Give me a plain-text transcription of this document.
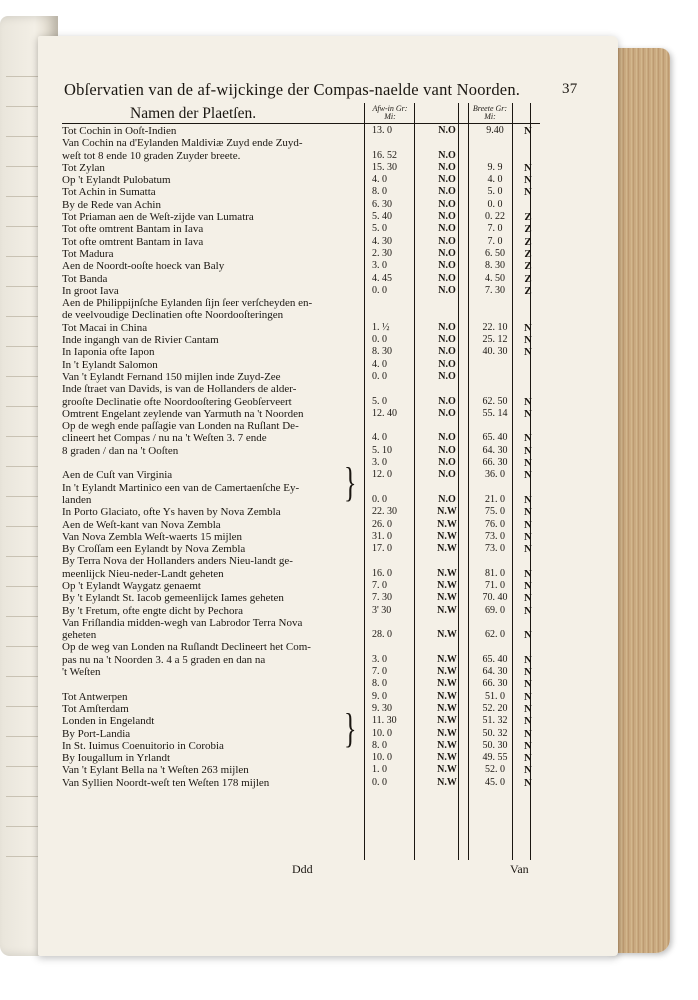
Obſervatien van de af-wijckinge der Compas-naelde vant Noorden.	37
Namen der Plaetſen.	Afw-in Gr: Mi:
Breete Gr: Mi:
Tot Cochin in Ooſt-Indien	13. 0	N.O	9.40	N
Van Cochin na d'Eylanden Maldiviæ Zuyd ende Zuyd-
weſt tot 8 ende 10 graden Zuyder breete.	16. 52	N.O
Tot Zylan	15. 30	N.O	9. 9	N
Op 't Eylandt Pulobatum	4. 0	N.O	4. 0	N
Tot Achin in Sumatta	8. 0	N.O	5. 0	N
By de Rede van Achin	6. 30	N.O	0. 0
Tot Priaman aen de Weſt-zijde van Lumatra	5. 40	N.O	0. 22	Z
Tot ofte omtrent Bantam in Iava	5. 0	N.O	7. 0	Z
Tot ofte omtrent Bantam in Iava	4. 30	N.O	7. 0	Z
Tot Madura	2. 30	N.O	6. 50	Z
Aen de Noordt-ooſte hoeck van Baly	3. 0	N.O	8. 30	Z
Tot Banda	4. 45	N.O	4. 50	Z
In groot Iava	0. 0	N.O	7. 30	Z
Aen de Philippijnſche Eylanden ſijn ſeer verſcheyden en-
de veelvoudige Declinatien ofte Noordooſteringen
Tot Macai in China	1. ½	N.O	22. 10	N
Inde ingangh van de Rivier Cantam	0. 0	N.O	25. 12	N
In Iaponia ofte Iapon	8. 30	N.O	40. 30	N
In 't Eylandt Salomon	4. 0	N.O
Van 't Eylandt Fernand 150 mijlen inde Zuyd-Zee	0. 0	N.O
Inde ſtraet van Davids, is van de Hollanders de alder-
grooſte Declinatie ofte Noordooſtering Geobſerveert	5. 0	N.O	62. 50	N
Omtrent Engelant zeylende van Yarmuth na 't Noorden	12. 40	N.O	55. 14	N
Op de wegh ende paſſagie van Londen na Ruſlant De-
clineert het Compas / nu na 't Weſten 3. 7 ende	4. 0	N.O	65. 40	N
8 graden / dan na 't Ooſten	5. 10	N.O	64. 30	N
3. 0	N.O	66. 30	N
Aen de Cuſt van Virginia	12. 0	N.O	36. 0	N
In 't Eylandt Martinico een van de Camertaenſche Ey-
landen	0. 0	N.O	21. 0	N
In Porto Glaciato, ofte Ys haven by Nova Zembla	22. 30	N.W	75. 0	N
Aen de Weſt-kant van Nova Zembla	26. 0	N.W	76. 0	N
Van Nova Zembla Weſt-waerts 15 mijlen	31. 0	N.W	73. 0	N
By Croſſam een Eylandt by Nova Zembla	17. 0	N.W	73. 0	N
By Terra Nova der Hollanders anders Nieu-landt ge-
meenlijck Nieu-neder-Landt geheten	16. 0	N.W	81. 0	N
Op 't Eylandt Waygatz genaemt	7. 0	N.W	71. 0	N
By 't Eylandt St. Iacob gemeenlijck Iames geheten	7. 30	N.W	70. 40	N
By 't Fretum, ofte engte dicht by Pechora	3' 30	N.W	69. 0	N
Van Friſlandia midden-wegh van Labrodor Terra Nova
geheten	28. 0	N.W	62. 0	N
Op de weg van Londen na Ruſlandt Declineert het Com-
pas nu na 't Noorden 3. 4 a 5 graden en dan na	3. 0	N.W	65. 40	N
't Weſten	7. 0	N.W	64. 30	N
8. 0	N.W	66. 30	N
Tot Antwerpen	9. 0	N.W	51. 0	N
Tot Amſterdam	9. 30	N.W	52. 20	N
Londen in Engelandt	11. 30	N.W	51. 32	N
By Port-Landia	10. 0	N.W	50. 32	N
In St. Iuimus Coenuitorio in Corobia	8. 0	N.W	50. 30	N
By Iougallum in Yrlandt	10. 0	N.W	49. 55	N
Van 't Eylant Bella na 't Weſten 263 mijlen	1. 0	N.W	52. 0	N
Van Syllien Noordt-weſt ten Weſten 178 mijlen	0. 0	N.W	45. 0	N
}
}
Ddd	Van
